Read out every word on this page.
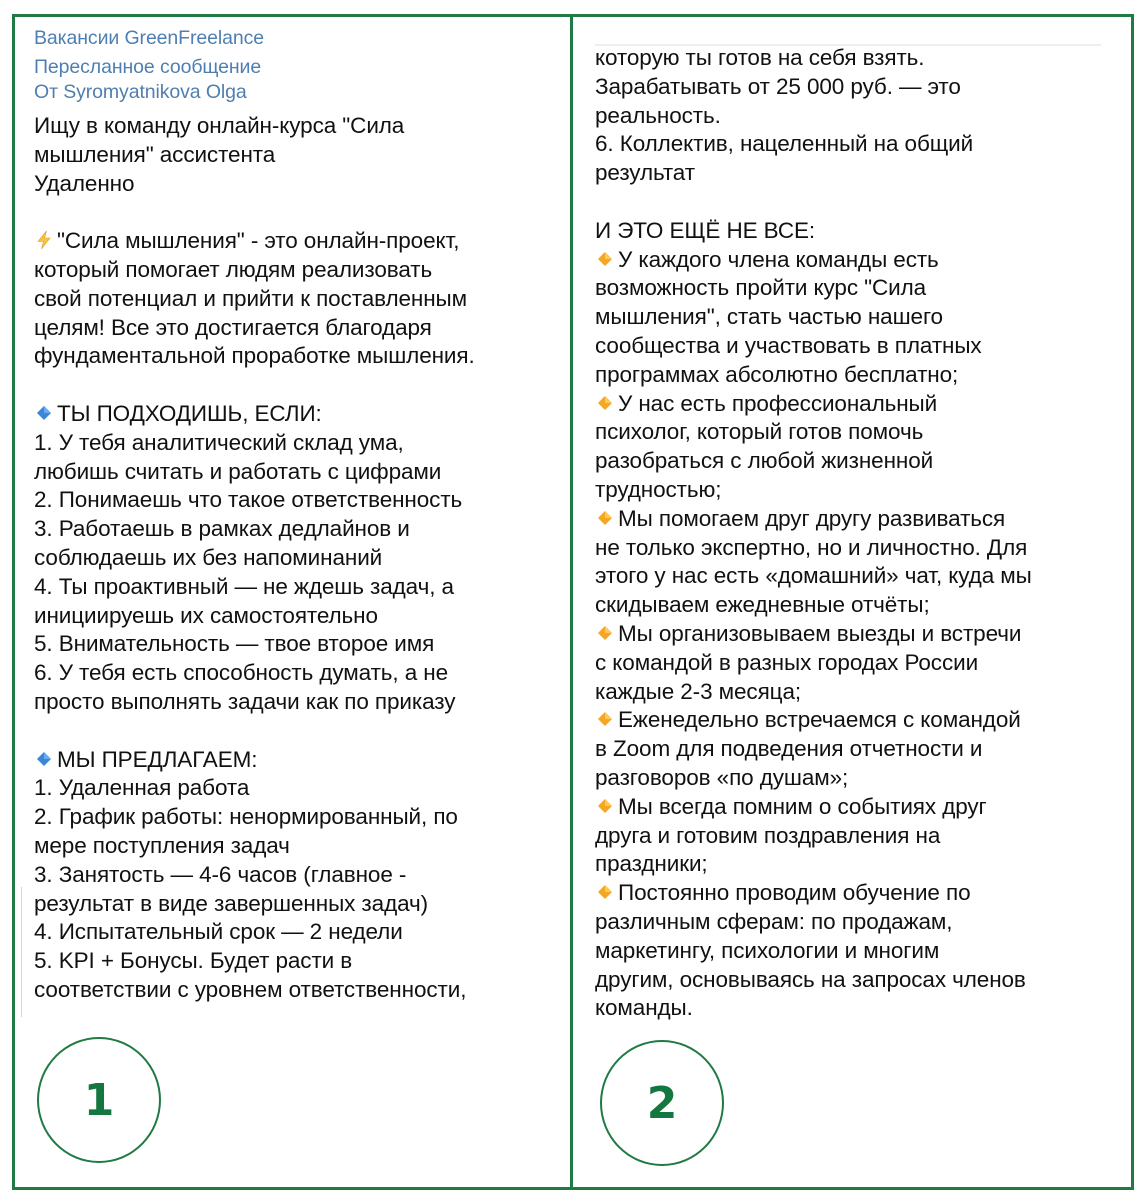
Вакансии GreenFreelance
Пересланное сообщение
От Syromyatnikova Olga
Ищу в команду онлайн-курса "Сила
мышления" ассистента
Удаленно
"Сила мышления" - это онлайн-проект,
который помогает людям реализовать
свой потенциал и прийти к поставленным
целям! Все это достигается благодаря
фундаментальной проработке мышления.
ТЫ ПОДХОДИШЬ, ЕСЛИ:
1. У тебя аналитический склад ума,
любишь считать и работать с цифрами
2. Понимаешь что такое ответственность
3. Работаешь в рамках дедлайнов и
соблюдаешь их без напоминаний
4. Ты проактивный — не ждешь задач, а
инициируешь их самостоятельно
5. Внимательность — твое второе имя
6. У тебя есть способность думать, а не
просто выполнять задачи как по приказу
МЫ ПРЕДЛАГАЕМ:
1. Удаленная работа
2. График работы: ненормированный, по
мере поступления задач
3. Занятость — 4-6 часов (главное -
результат в виде завершенных задач)
4. Испытательный срок — 2 недели
5. KPI + Бонусы. Будет расти в
соответствии с уровнем ответственности,
которую ты готов на себя взять.
Зарабатывать от 25 000 руб. — это
реальность.
6. Коллектив, нацеленный на общий
результат
И ЭТО ЕЩЁ НЕ ВСЕ:
У каждого члена команды есть
возможность пройти курс "Сила
мышления", стать частью нашего
сообщества и участвовать в платных
программах абсолютно бесплатно;
У нас есть профессиональный
психолог, который готов помочь
разобраться с любой жизненной
трудностью;
Мы помогаем друг другу развиваться
не только экспертно, но и личностно. Для
этого у нас есть «домашний» чат, куда мы
скидываем ежедневные отчёты;
Мы организовываем выезды и встречи
с командой в разных городах России
каждые 2-3 месяца;
Еженедельно встречаемся с командой
в Zoom для подведения отчетности и
разговоров «по душам»;
Мы всегда помним о событиях друг
друга и готовим поздравления на
праздники;
Постоянно проводим обучение по
различным сферам: по продажам,
маркетингу, психологии и многим
другим, основываясь на запросах членов
команды.
1	2
